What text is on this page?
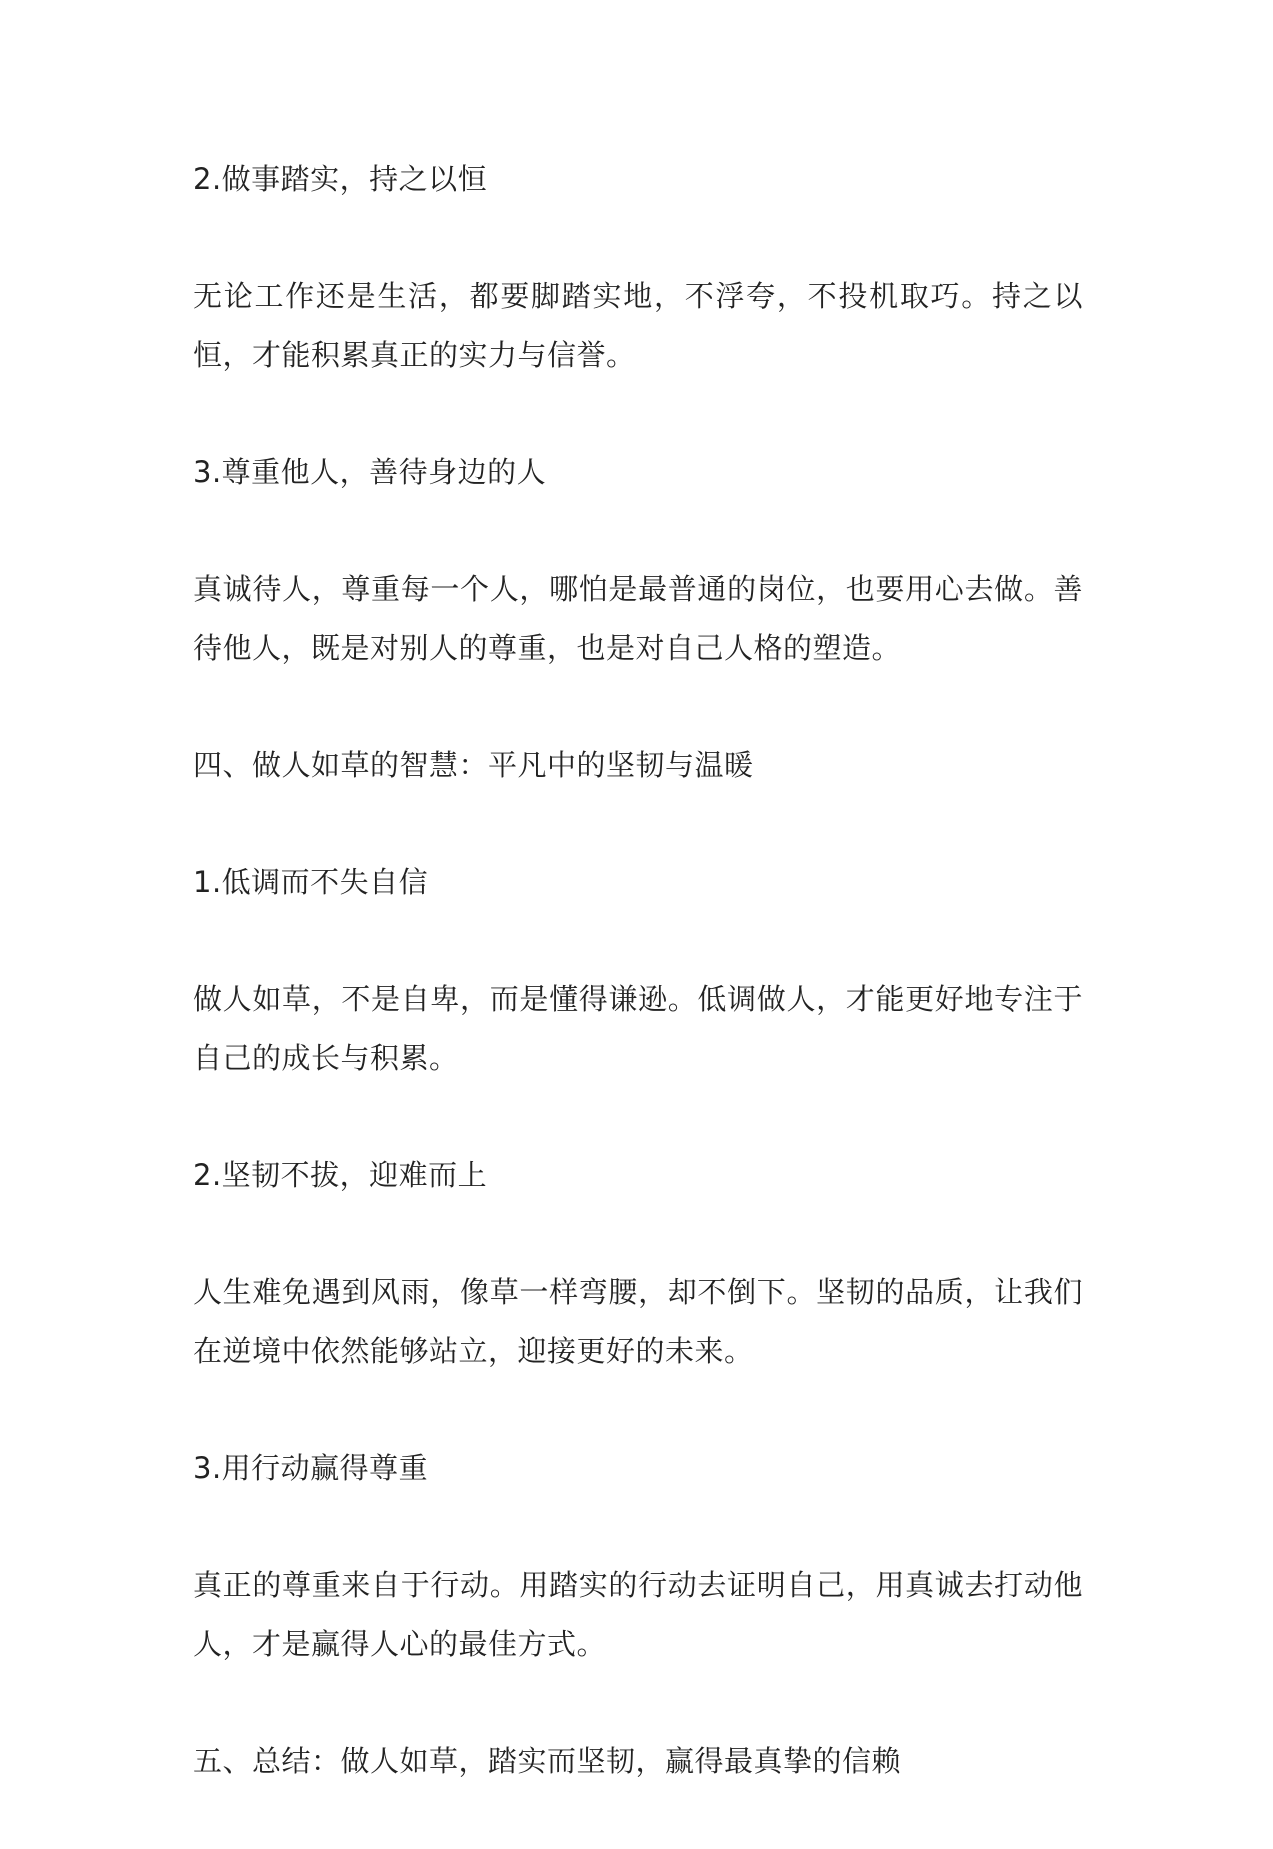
2.做事踏实，持之以恒

无论工作还是生活，都要脚踏实地，不浮夸，不投机取巧。持之以恒，才能积累真正的实力与信誉。

3.尊重他人，善待身边的人

真诚待人，尊重每一个人，哪怕是最普通的岗位，也要用心去做。善待他人，既是对别人的尊重，也是对自己人格的塑造。

四、做人如草的智慧：平凡中的坚韧与温暖

1.低调而不失自信

做人如草，不是自卑，而是懂得谦逊。低调做人，才能更好地专注于自己的成长与积累。

2.坚韧不拔，迎难而上

人生难免遇到风雨，像草一样弯腰，却不倒下。坚韧的品质，让我们在逆境中依然能够站立，迎接更好的未来。

3.用行动赢得尊重

真正的尊重来自于行动。用踏实的行动去证明自己，用真诚去打动他人，才是赢得人心的最佳方式。

五、总结：做人如草，踏实而坚韧，赢得最真挚的信赖
